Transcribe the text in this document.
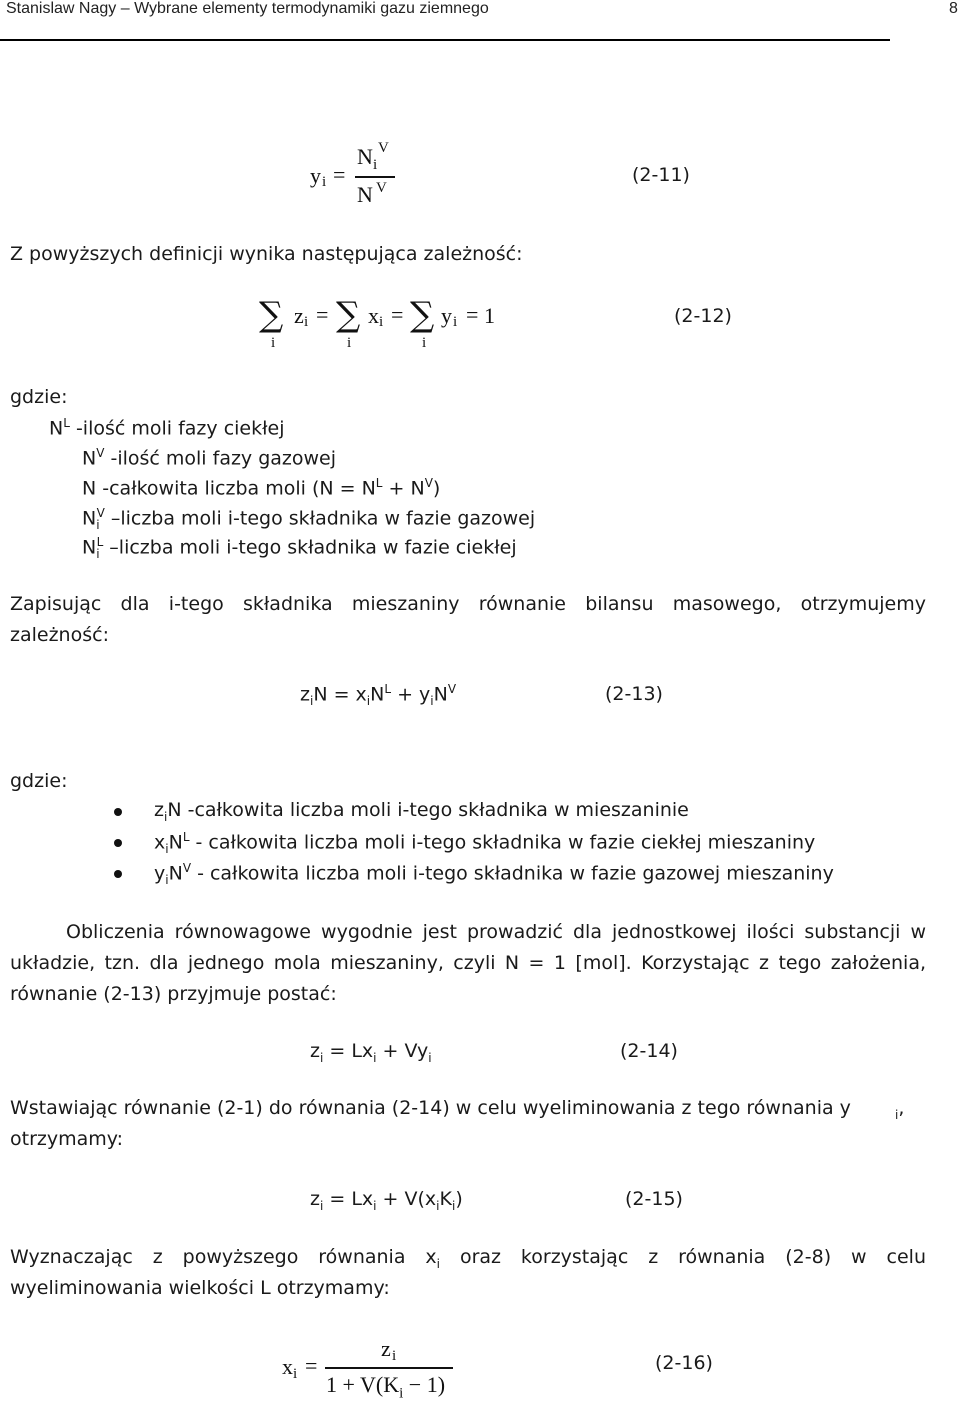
Stanislaw Nagy – Wybrane elementy termodynamiki gazu ziemnego	8
y i =
N i
V
N V
(2-11)
Z powyższych definicji wynika następująca zależność:
∑
i
z i = ∑
i
x i = ∑
i
y i = 1	(2-12)
gdzie:
$N^L$ -ilość moli fazy ciekłej
$N^V$ -ilość moli fazy gazowej
N -całkowita liczba moli $(N = N^L + N^V)$
$N_i^V$ –liczba moli i-tego składnika w fazie gazowej
$N_i^L$ –liczba moli i-tego składnika w fazie ciekłej
Zapisując dla i-tego składnika mieszaniny równanie bilansu masowego, otrzymujemy
zależność:
$z_iN = x_iN^L + y_iN^V$	(2-13)
gdzie:
$z_iN$ -całkowita liczba moli i-tego składnika w mieszaninie
$x_iN^L$ - całkowita liczba moli i-tego składnika w fazie ciekłej mieszaniny
$y_iN^V$ - całkowita liczba moli i-tego składnika w fazie gazowej mieszaniny
Obliczenia równowagowe wygodnie jest prowadzić dla jednostkowej ilości substancji w
układzie, tzn. dla jednego mola mieszaniny, czyli N = 1 [mol]. Korzystając z tego założenia,
równanie (2-13) przyjmuje postać:
$z_i = Lx_i + Vy_i$	(2-14)
Wstawiając równanie (2-1) do równania (2-14) w celu wyeliminowania z tego równania y	$_i$,
otrzymamy:
$z_i = Lx_i + V(x_iK_i)$	(2-15)
Wyznaczając z powyższego równania $x_i$ oraz korzystając z równania (2-8) w celu
wyeliminowania wielkości L otrzymamy:
x i =
z i
$1 + V(K_i - 1)$
(2-16)
